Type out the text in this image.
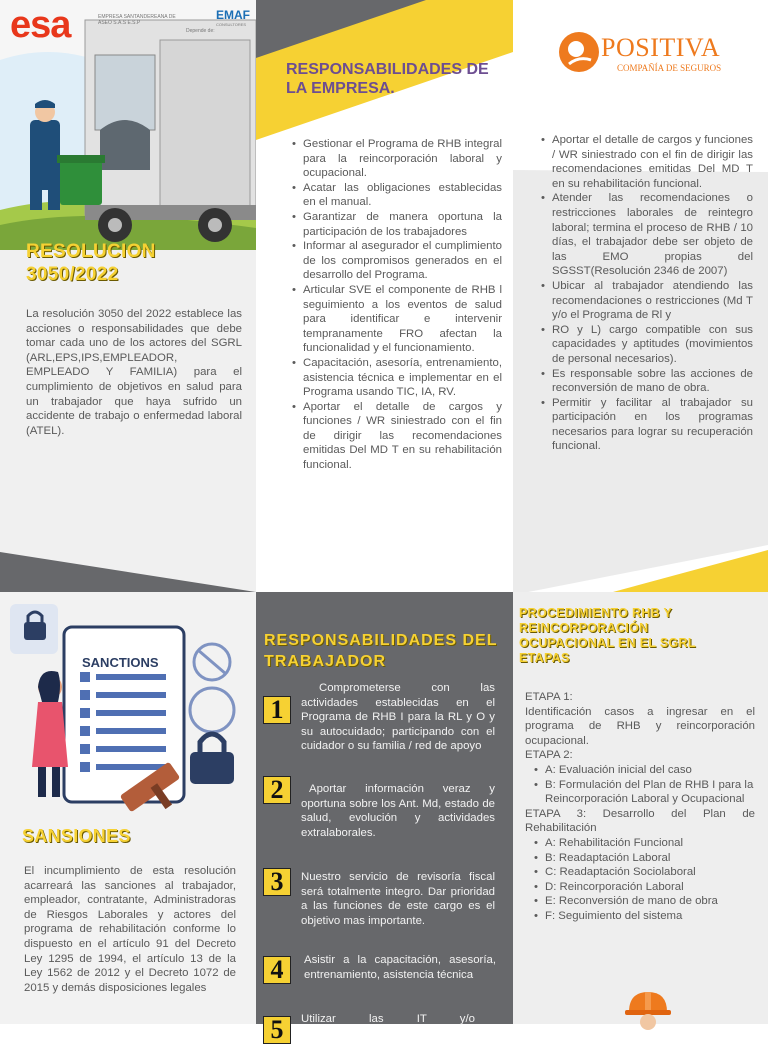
esa	EMPRESA SANTANDEREANA DE ASEO S.A.S E.S.P
Depende de:
EMAF
CONSULTORES
RESOLUCION 3050/2022
La resolución 3050 del 2022 establece las acciones o responsabilidades que debe tomar cada uno de los actores del SGRL (ARL,EPS,IPS,EMPLEADOR, EMPLEADO Y FAMILIA) para el cumplimiento de objetivos en salud para un trabajador que haya sufrido un accidente de trabajo o enfermedad laboral (ATEL).
RESPONSABILIDADES DE LA EMPRESA.
• Gestionar el Programa de RHB integral para la reincorporación laboral y ocupacional.
• Acatar las obligaciones establecidas en el manual.
• Garantizar de manera oportuna la participación de los trabajadores
• Informar al asegurador el cumplimiento de los compromisos generados en el desarrollo del Programa.
• Articular SVE el componente de RHB l seguimiento a los eventos de salud para identificar e intervenir tempranamente FRO afectan la funcionalidad y el funcionamiento.
• Capacitación, asesoría, entrenamiento, asistencia técnica e implementar en el Programa usando TIC, IA, RV.
• Aportar el detalle de cargos y funciones / WR siniestrado con el fin de dirigir las recomendaciones emitidas Del MD T en su rehabilitación funcional.
POSITIVA
COMPAÑÍA DE SEGUROS
• Aportar el detalle de cargos y funciones / WR siniestrado con el fin de dirigir las recomendaciones emitidas Del MD T en su rehabilitación funcional.
• Atender las recomendaciones o restricciones laborales de reintegro laboral; termina el proceso de RHB / 10 días, el trabajador debe ser objeto de las EMO propias del SGSST(Resolución 2346 de 2007)
• Ubicar al trabajador atendiendo las recomendaciones o restricciones (Md T y/o el Programa de Rl y
• RO y L) cargo compatible con sus capacidades y aptitudes (movimientos de personal necesarios).
• Es responsable sobre las acciones de reconversión de mano de obra.
• Permitir y facilitar al trabajador su participación en los programas necesarios para lograr su recuperación funcional.
SANCTIONS
SANSIONES
El incumplimiento de esta resolución acarreará las sanciones al trabajador, empleador, contratante, Administradoras de Riesgos Laborales y actores del programa de rehabilitación conforme lo dispuesto en el artículo 91 del Decreto Ley 1295 de 1994, el artículo 13 de la Ley 1562 de 2012 y el Decreto 1072 de 2015 y demás disposiciones legales
RESPONSABILIDADES DEL TRABAJADOR
1
Comprometerse con las actividades establecidas en el Programa de RHB I para la RL y O y su autocuidado; participando con el cuidador o su familia / red de apoyo
2	Aportar información veraz y oportuna sobre los Ant. Md, estado de salud, evolución y actividades extralaborales.
3	Nuestro servicio de revisoría fiscal será totalmente integro. Dar prioridad a las funciones de este cargo es el objetivo mas importante.
4	Asistir a la capacitación, asesoría, entrenamiento, asistencia técnica
5	Utilizar las IT y/o
PROCEDIMIENTO RHB Y REINCORPORACIÓN OCUPACIONAL EN EL SGRL ETAPAS
ETAPA 1:
Identificación casos a ingresar en el programa de RHB y reincorporación ocupacional.
ETAPA 2:
• A: Evaluación inicial del caso
• B: Formulación del Plan de RHB I para la Reincorporación Laboral y Ocupacional
ETAPA 3: Desarrollo del Plan de Rehabilitación
• A: Rehabilitación Funcional
• B: Readaptación Laboral
• C: Readaptación Sociolaboral
• D: Reincorporación Laboral
• E: Reconversión de mano de obra
• F: Seguimiento del sistema
